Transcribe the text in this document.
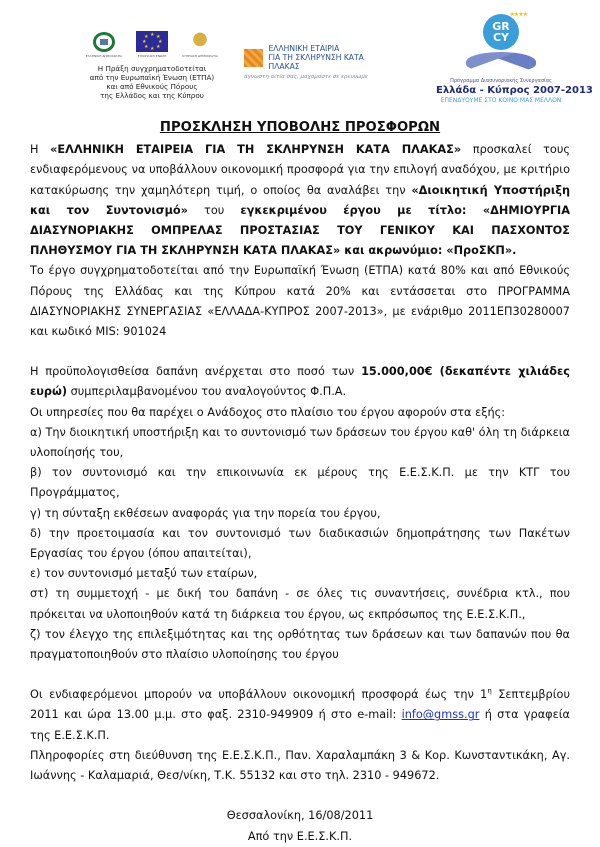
ΕΛΛΗΝΙΚΗ ΔΗΜΟΚΡΑΤΙΑ
★ ★
★
★
★
★
★
★
ΕΥΡΩΠΑΪΚΗ ΕΝΩΣΗ	ΚΥΠΡΙΑΚΗ ΔΗΜΟΚΡΑΤΙΑ
Η Πράξη συγχρηματοδοτείται
από την Ευρωπαϊκή Ένωση (ΕΤΠΑ)
και από Εθνικούς Πόρους
της Ελλάδος και της Κύπρου
ΕΛΛΗΝΙΚΗ ΕΤΑΙΡΙΑ
ΓΙΑ ΤΗ ΣΚΛΗΡΥΝΣΗ ΚΑΤΑ ΠΛΑΚΑΣ
άγνωστη αιτία σας, μαχόμαστε σε ερευνώμε
★★★★
GR
CY
Πρόγραμμα Διασυνοριακής Συνεργασίας
Ελλάδα - Κύπρος 2007-2013
ΕΠΕΝΔΥΟΥΜΕ ΣΤΟ ΚΟΙΝΟ ΜΑΣ ΜΕΛΛΟΝ
ΠΡΟΣΚΛΗΣΗ ΥΠΟΒΟΛΗΣ ΠΡΟΣΦΟΡΩΝ

Η «ΕΛΛΗΝΙΚΗ ΕΤΑΙΡΕΙΑ ΓΙΑ ΤΗ ΣΚΛΗΡΥΝΣΗ ΚΑΤΑ ΠΛΑΚΑΣ» προσκαλεί τους ενδιαφερόμενους να υποβάλλουν οικονομική προσφορά για την επιλογή αναδόχου, με κριτήριο κατακύρωσης την χαμηλότερη τιμή, ο οποίος θα αναλάβει την «Διοικητική Υποστήριξη και τον Συντονισμό» του εγκεκριμένου έργου με τίτλο: «ΔΗΜΙΟΥΡΓΙΑ ΔΙΑΣΥΝΟΡΙΑΚΗΣ ΟΜΠΡΕΛΑΣ ΠΡΟΣΤΑΣΙΑΣ ΤΟΥ ΓΕΝΙΚΟΥ ΚΑΙ ΠΑΣΧΟΝΤΟΣ ΠΛΗΘΥΣΜΟΥ ΓΙΑ ΤΗ ΣΚΛΗΡΥΝΣΗ ΚΑΤΑ ΠΛΑΚΑΣ» και ακρωνύμιο: «ΠροΣΚΠ».

Το έργο συγχρηματοδοτείται από την Ευρωπαϊκή Ένωση (ΕΤΠΑ) κατά 80% και από Εθνικούς Πόρους της Ελλάδας και της Κύπρου κατά 20% και εντάσσεται στο ΠΡΟΓΡΑΜΜΑ ΔΙΑΣΥΝΟΡΙΑΚΗΣ ΣΥΝΕΡΓΑΣΙΑΣ «ΕΛΛΑΔΑ-ΚΥΠΡΟΣ 2007-2013», με ενάριθμο 2011ΕΠ30280007 και κωδικό MIS: 901024

Η προϋπολογισθείσα δαπάνη ανέρχεται στο ποσό των 15.000,00€ (δεκαπέντε χιλιάδες ευρώ) συμπεριλαμβανομένου του αναλογούντος Φ.Π.Α.

Οι υπηρεσίες που θα παρέχει ο Ανάδοχος στο πλαίσιο του έργου αφορούν στα εξής:

α) Την διοικητική υποστήριξη και το συντονισμό των δράσεων του έργου καθ' όλη τη διάρκεια υλοποίησής του,

β) τον συντονισμό και την επικοινωνία εκ μέρους της Ε.Ε.Σ.Κ.Π. με την ΚΤΓ του Προγράμματος,

γ) τη σύνταξη εκθέσεων αναφοράς για την πορεία του έργου,

δ) την προετοιμασία και τον συντονισμό των διαδικασιών δημοπράτησης των Πακέτων Εργασίας του έργου (όπου απαιτείται),

ε) τον συντονισμό μεταξύ των εταίρων,

στ) τη συμμετοχή - με δική του δαπάνη - σε όλες τις συναντήσεις, συνέδρια κτλ., που πρόκειται να υλοποιηθούν κατά τη διάρκεια του έργου, ως εκπρόσωπος της Ε.Ε.Σ.Κ.Π.,

ζ) τον έλεγχο της επιλεξιμότητας και της ορθότητας των δράσεων και των δαπανών που θα πραγματοποιηθούν στο πλαίσιο υλοποίησης του έργου

Οι ενδιαφερόμενοι μπορούν να υποβάλλουν οικονομική προσφορά έως την $1^\eta$ Σεπτεμβρίου 2011 και ώρα 13.00 μ.μ. στο φαξ. 2310-949909 ή στο e-mail: info@gmss.gr ή στα γραφεία της Ε.Ε.Σ.Κ.Π.

Πληροφορίες στη διεύθυνση της Ε.Ε.Σ.Κ.Π., Παν. Χαραλαμπάκη 3 & Κορ. Κωνσταντικάκη, Αγ. Ιωάννης - Καλαμαριά, Θεσ/νίκη, Τ.Κ. 55132 και στο τηλ. 2310 - 949672.

Θεσσαλονίκη, 16/08/2011
Από την Ε.Ε.Σ.Κ.Π.
